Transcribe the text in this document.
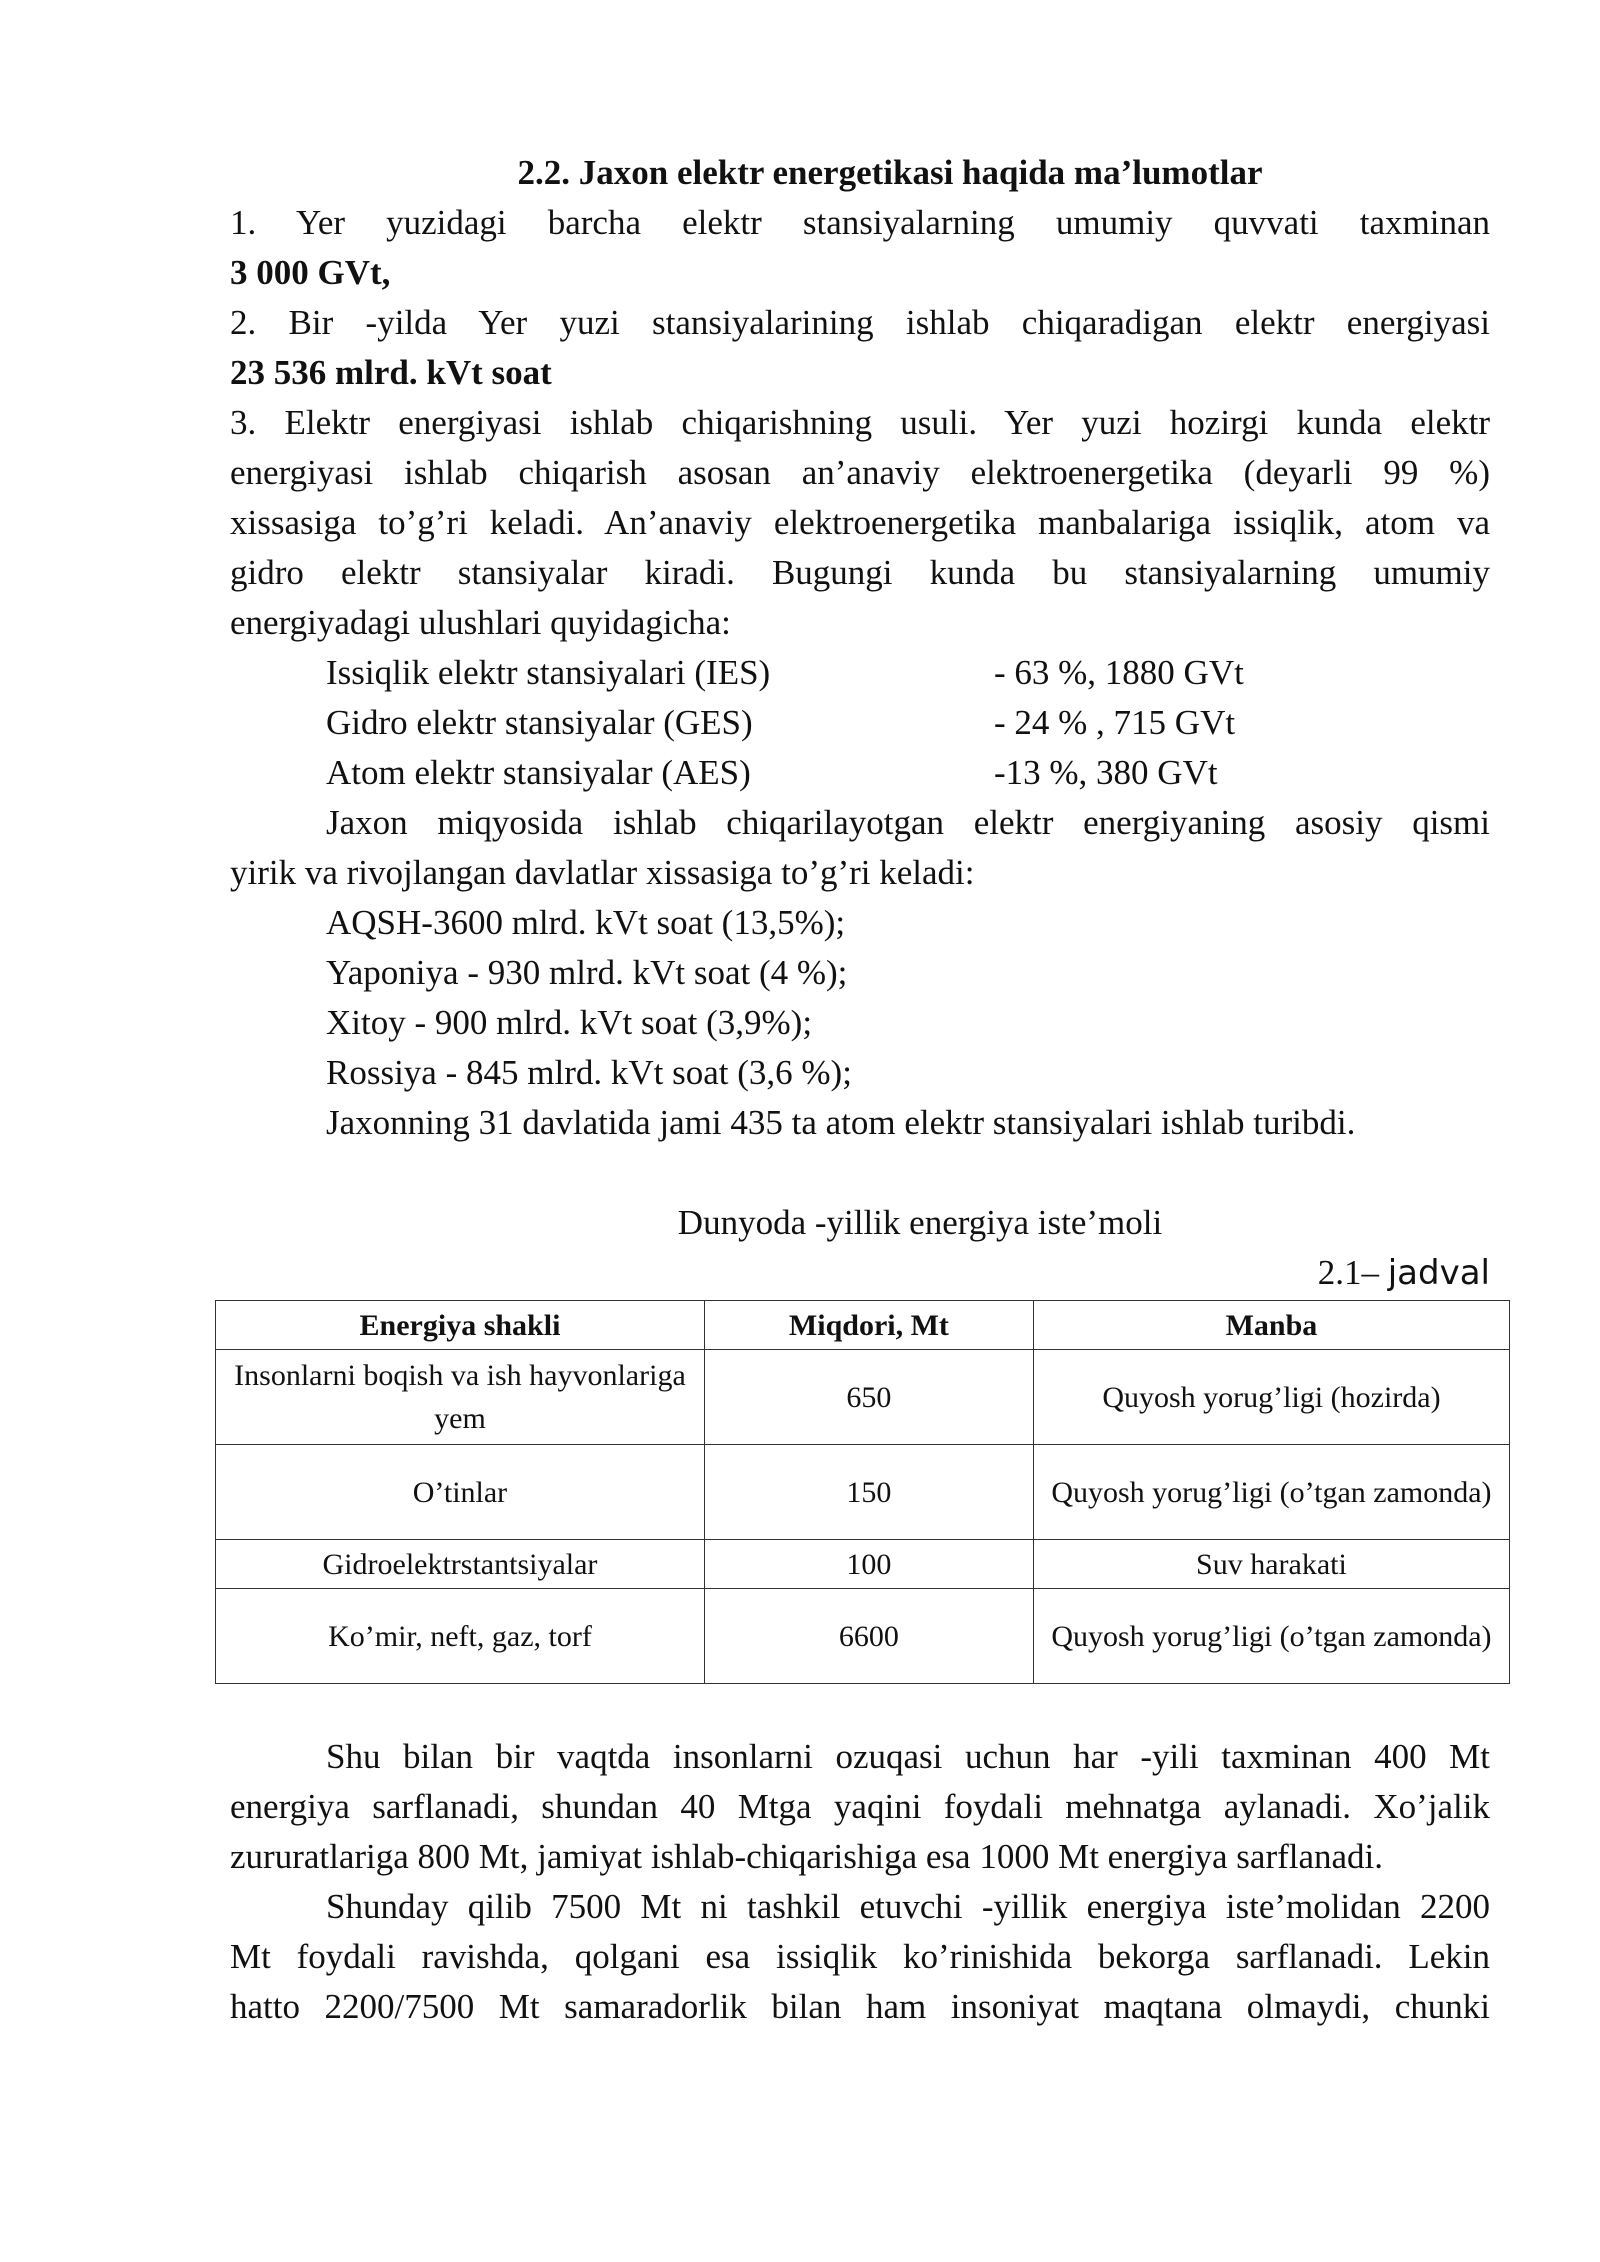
2.2. Jaxon elektr energetikasi haqida ma’lumotlar
1. Yer yuzidagi barcha elektr stansiyalarning umumiy quvvati taxminan
3 000 GVt,
2. Bir -yilda Yer yuzi stansiyalarining ishlab chiqaradigan elektr energiyasi
23 536 mlrd. kVt soat
3. Elektr energiyasi ishlab chiqarishning usuli. Yer yuzi hozirgi kunda elektr
energiyasi ishlab chiqarish asosan an’anaviy elektroenergetika (deyarli 99 %)
xissasiga to’g’ri keladi. An’anaviy elektroenergetika manbalariga issiqlik, atom va
gidro elektr stansiyalar kiradi. Bugungi kunda bu stansiyalarning umumiy
energiyadagi ulushlari quyidagicha:
Issiqlik elektr stansiyalari (IES)	- 63 %, 1880 GVt
Gidro elektr stansiyalar (GES)	- 24 % , 715 GVt
Atom elektr stansiyalar (AES)	-13 %, 380 GVt
Jaxon miqyosida ishlab chiqarilayotgan elektr energiyaning asosiy qismi
yirik va rivojlangan davlatlar xissasiga to’g’ri keladi:
AQSH-3600 mlrd. kVt soat (13,5%);
Yaponiya - 930 mlrd. kVt soat (4 %);
Xitoy - 900 mlrd. kVt soat (3,9%);
Rossiya - 845 mlrd. kVt soat (3,6 %);
Jaxonning 31 davlatida jami 435 ta atom elektr stansiyalari ishlab turibdi.
Dunyoda -yillik energiya iste’moli
2.1– jadval
Energiya shakli	Miqdori, Mt	Manba
Insonlarni boqish va ish hayvonlariga yem	650	Quyosh yorug’ligi (hozirda)
O’tinlar	150	Quyosh yorug’ligi (o’tgan zamonda)
Gidroelektrstantsiyalar	100	Suv harakati
Ko’mir, neft, gaz, torf	6600	Quyosh yorug’ligi (o’tgan zamonda)
Shu bilan bir vaqtda insonlarni ozuqasi uchun har -yili taxminan 400 Mt
energiya sarflanadi, shundan 40 Mtga yaqini foydali mehnatga aylanadi. Xo’jalik
zururatlariga 800 Mt, jamiyat ishlab-chiqarishiga esa 1000 Mt energiya sarflanadi.
Shunday qilib 7500 Mt ni tashkil etuvchi -yillik energiya iste’molidan 2200
Mt foydali ravishda, qolgani esa issiqlik ko’rinishida bekorga sarflanadi. Lekin
hatto 2200/7500 Mt samaradorlik bilan ham insoniyat maqtana olmaydi, chunki
